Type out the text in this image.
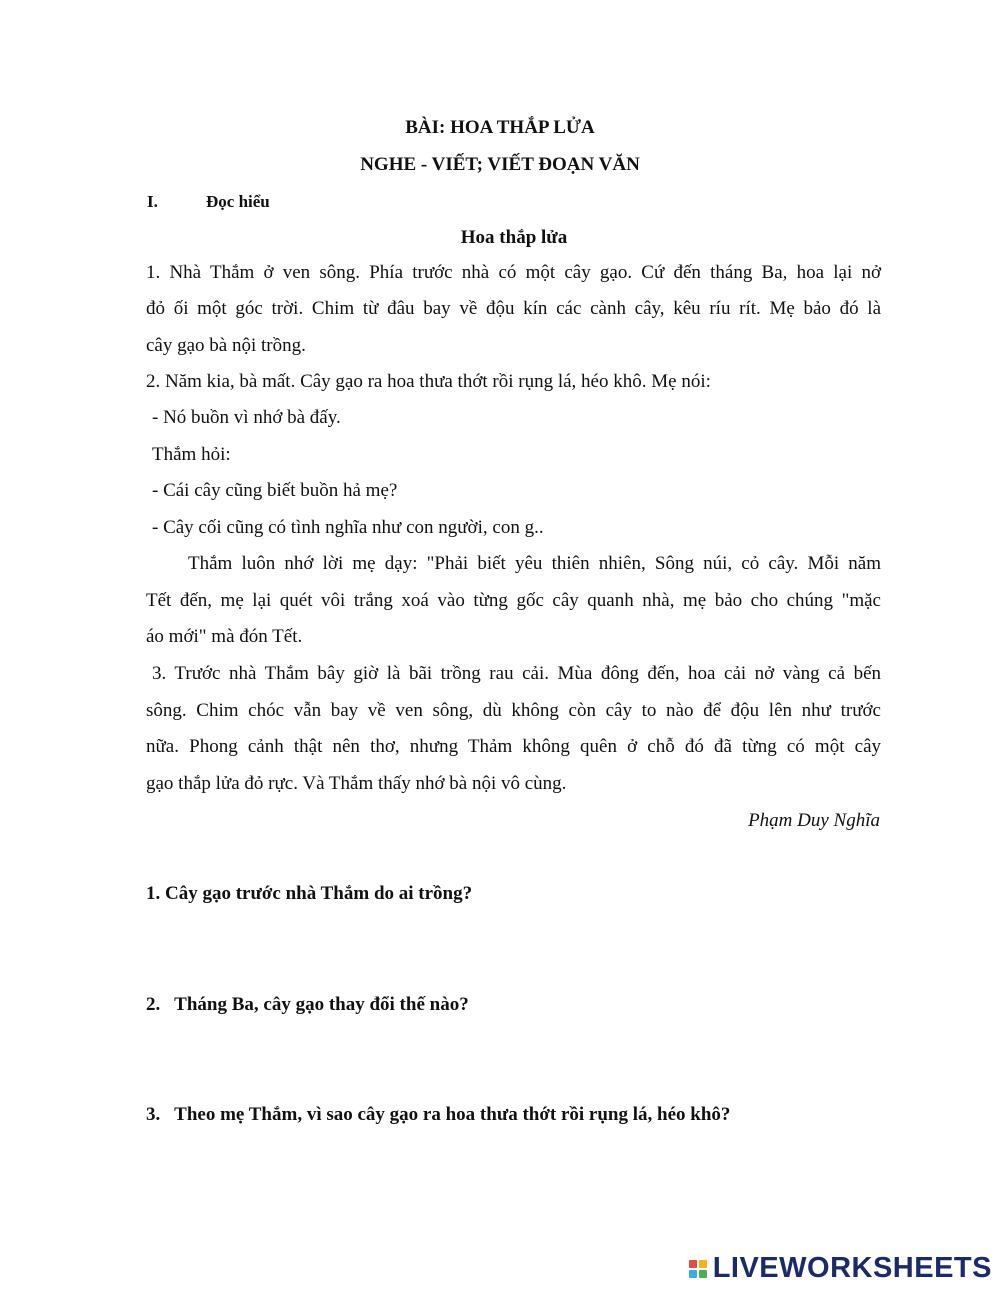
BÀI: HOA THẮP LỬA
NGHE - VIẾT; VIẾT ĐOẠN VĂN
I.	Đọc hiểu
Hoa thắp lửa
1. Nhà Thắm ở ven sông. Phía trước nhà có một cây gạo. Cứ đến tháng Ba, hoa lại nở
đỏ ối một góc trời. Chim từ đâu bay về độu kín các cành cây, kêu ríu rít. Mẹ bảo đó là
cây gạo bà nội trồng.
2. Năm kia, bà mất. Cây gạo ra hoa thưa thớt rồi rụng lá, héo khô. Mẹ nói:
- Nó buồn vì nhớ bà đấy.
Thắm hỏi:
- Cái cây cũng biết buồn hả mẹ?
- Cây cối cũng có tình nghĩa như con người, con g..
Thắm luôn nhớ lời mẹ dạy: "Phải biết yêu thiên nhiên, Sông núi, cỏ cây. Mỗi năm
Tết đến, mẹ lại quét vôi trắng xoá vào từng gốc cây quanh nhà, mẹ bảo cho chúng "mặc
áo mới" mà đón Tết.
3. Trước nhà Thắm bây giờ là bãi trồng rau cải. Mùa đông đến, hoa cải nở vàng cả bến
sông. Chim chóc vẫn bay về ven sông, dù không còn cây to nào để độu lên như trước
nữa. Phong cảnh thật nên thơ, nhưng Thảm không quên ở chỗ đó đã từng có một cây
gạo thắp lửa đỏ rực. Và Thắm thấy nhớ bà nội vô cùng.
Phạm Duy Nghĩa
1. Cây gạo trước nhà Thắm do ai trồng?
2.   Tháng Ba, cây gạo thay đổi thế nào?
3.   Theo mẹ Thắm, vì sao cây gạo ra hoa thưa thớt rồi rụng lá, héo khô?
LIVEWORKSHEETS
